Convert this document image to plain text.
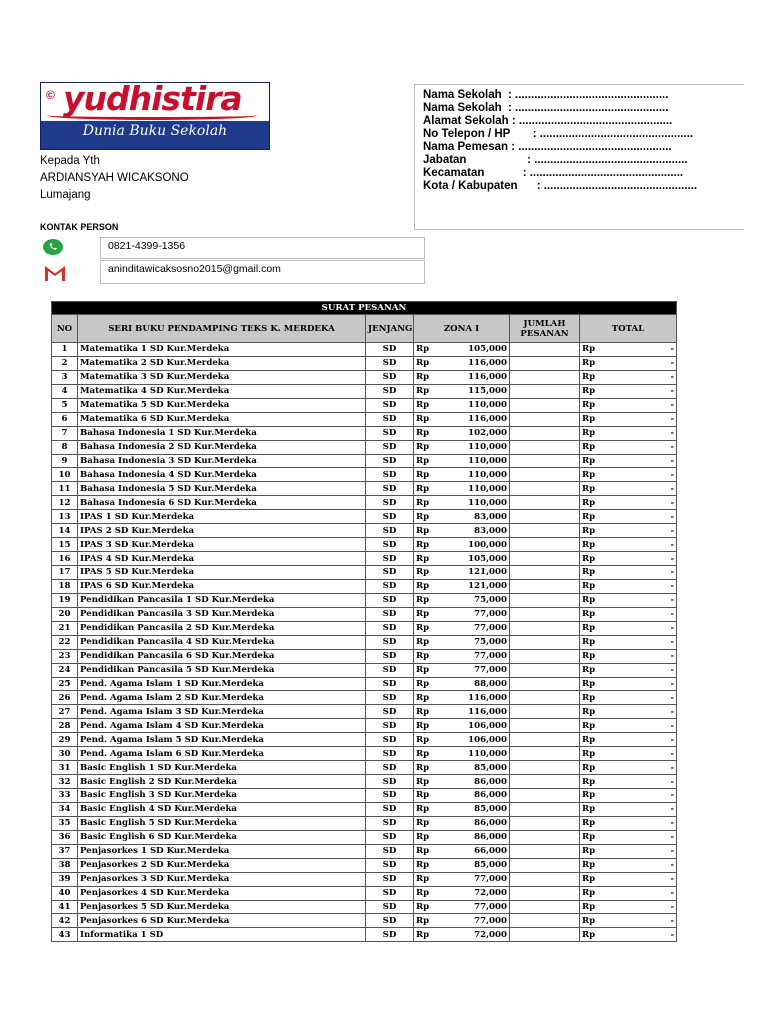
© yudhistira
Dunia Buku Sekolah
Kepada Yth
ARDIANSYAH WICAKSONO
Lumajang
KONTAK PERSON
0821-4399-1356
aninditawicaksosno2015@gmail.com
Nama Sekolah  : ................................................
Nama Sekolah  : ................................................
Alamat Sekolah : ................................................
No Telepon / HP       : ................................................
Nama Pemesan : ................................................
Jabatan                   : ................................................
Kecamatan            : ................................................
Kota / Kabupaten      : ................................................
SURAT PESANAN					
NO	SERI BUKU PENDAMPING TEKS K. MERDEKA	JENJANG	ZONA I	JUMLAH PESANAN	TOTAL
1	Matematika 1 SD Kur.Merdeka	SD	Rp 105,000		Rp -

2	Matematika 2 SD Kur.Merdeka	SD	Rp 116,000		Rp -

3	Matematika 3 SD Kur.Merdeka	SD	Rp 116,000		Rp -

4	Matematika 4 SD Kur.Merdeka	SD	Rp 115,000		Rp -

5	Matematika 5 SD Kur.Merdeka	SD	Rp 110,000		Rp -

6	Matematika 6 SD Kur.Merdeka	SD	Rp 116,000		Rp -

7	Bahasa Indonesia 1 SD Kur.Merdeka	SD	Rp 102,000		Rp -

8	Bahasa Indonesia 2 SD Kur.Merdeka	SD	Rp 110,000		Rp -

9	Bahasa Indonesia 3 SD Kur.Merdeka	SD	Rp 110,000		Rp -

10	Bahasa Indonesia 4 SD Kur.Merdeka	SD	Rp 110,000		Rp -

11	Bahasa Indonesia 5 SD Kur.Merdeka	SD	Rp 110,000		Rp -

12	Bahasa Indonesia 6 SD Kur.Merdeka	SD	Rp 110,000		Rp -

13	IPAS 1 SD Kur.Merdeka	SD	Rp 83,000		Rp -

14	IPAS 2 SD Kur.Merdeka	SD	Rp 83,000		Rp -

15	IPAS 3 SD Kur.Merdeka	SD	Rp 100,000		Rp -

16	IPAS 4 SD Kur.Merdeka	SD	Rp 105,000		Rp -

17	IPAS 5 SD Kur.Merdeka	SD	Rp 121,000		Rp -

18	IPAS 6 SD Kur.Merdeka	SD	Rp 121,000		Rp -

19	Pendidikan Pancasila 1 SD Kur.Merdeka	SD	Rp 75,000		Rp -

20	Pendidikan Pancasila 3 SD Kur.Merdeka	SD	Rp 77,000		Rp -

21	Pendidikan Pancasila 2 SD Kur.Merdeka	SD	Rp 77,000		Rp -

22	Pendidikan Pancasila 4 SD Kur.Merdeka	SD	Rp 75,000		Rp -

23	Pendidikan Pancasila 6 SD Kur.Merdeka	SD	Rp 77,000		Rp -

24	Pendidikan Pancasila 5 SD Kur.Merdeka	SD	Rp 77,000		Rp -

25	Pend. Agama Islam 1 SD Kur.Merdeka	SD	Rp 88,000		Rp -

26	Pend. Agama Islam 2 SD Kur.Merdeka	SD	Rp 116,000		Rp -

27	Pend. Agama Islam 3 SD Kur.Merdeka	SD	Rp 116,000		Rp -

28	Pend. Agama Islam 4 SD Kur.Merdeka	SD	Rp 106,000		Rp -

29	Pend. Agama Islam 5 SD Kur.Merdeka	SD	Rp 106,000		Rp -

30	Pend. Agama Islam 6 SD Kur.Merdeka	SD	Rp 110,000		Rp -

31	Basic English 1 SD Kur.Merdeka	SD	Rp 85,000		Rp -

32	Basic English 2 SD Kur.Merdeka	SD	Rp 86,000		Rp -

33	Basic English 3 SD Kur.Merdeka	SD	Rp 86,000		Rp -

34	Basic English 4 SD Kur.Merdeka	SD	Rp 85,000		Rp -

35	Basic English 5 SD Kur.Merdeka	SD	Rp 86,000		Rp -

36	Basic English 6 SD Kur.Merdeka	SD	Rp 86,000		Rp -

37	Penjasorkes 1 SD Kur.Merdeka	SD	Rp 66,000		Rp -

38	Penjasorkes 2 SD Kur.Merdeka	SD	Rp 85,000		Rp -

39	Penjasorkes 3 SD Kur.Merdeka	SD	Rp 77,000		Rp -

40	Penjasorkes 4 SD Kur.Merdeka	SD	Rp 72,000		Rp -

41	Penjasorkes 5 SD Kur.Merdeka	SD	Rp 77,000		Rp -

42	Penjasorkes 6 SD Kur.Merdeka	SD	Rp 77,000		Rp -

43	Informatika 1 SD	SD	Rp 72,000		Rp -
